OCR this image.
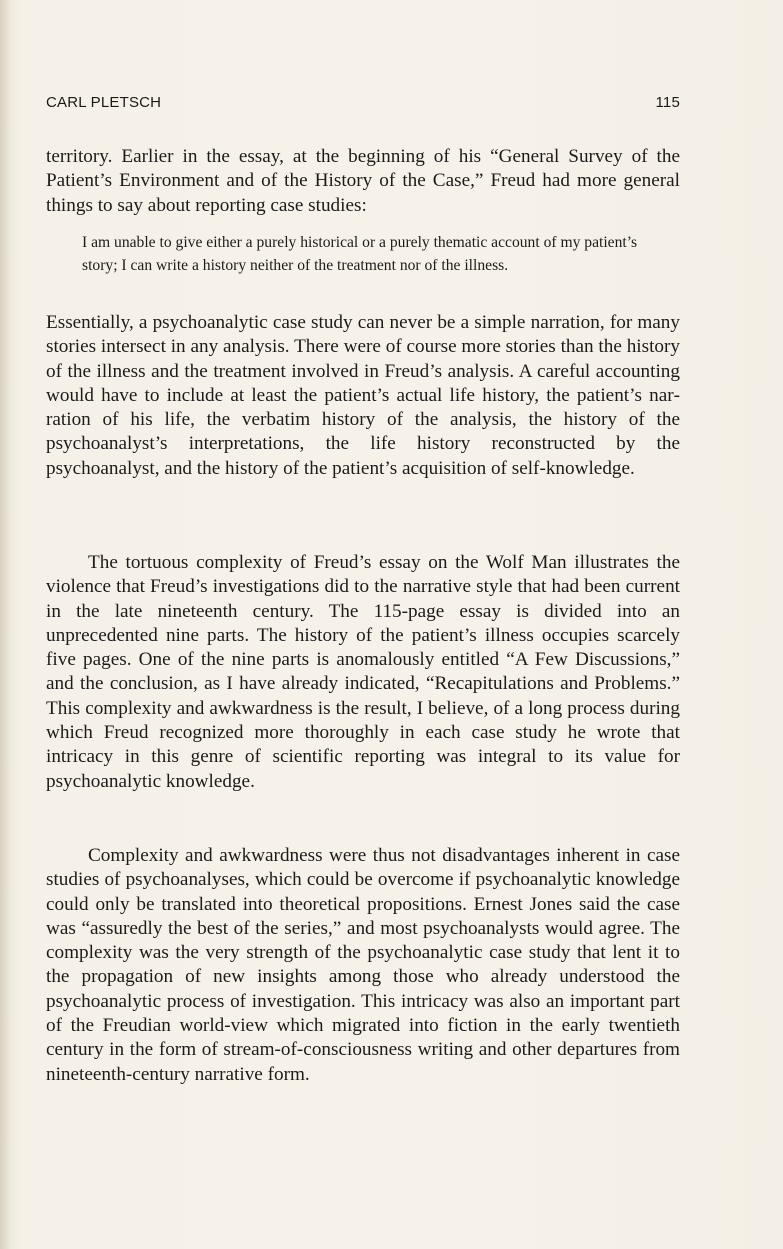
CARL PLETSCH	115

territory. Earlier in the essay, at the beginning of his “General Survey of the Patient’s Environment and of the History of the Case,” Freud had more general things to say about reporting case studies:

I am unable to give either a purely historical or a purely thematic account of my patient’s story; I can write a history neither of the treatment nor of the illness.

Essentially, a psychoanalytic case study can never be a simple narration, for many stories intersect in any analysis. There were of course more stories than the history of the illness and the treatment involved in Freud’s analysis. A careful accounting would have to include at least the patient’s actual life history, the patient’s narration of his life, the verbatim history of the analysis, the history of the psychoanalyst’s interpretations, the life history reconstructed by the psychoanalyst, and the history of the patient’s acquisition of self-knowledge.

The tortuous complexity of Freud’s essay on the Wolf Man illustrates the violence that Freud’s investigations did to the narrative style that had been current in the late nineteenth century. The 115-page essay is divided into an unprecedented nine parts. The history of the patient’s illness occupies scarcely five pages. One of the nine parts is anomalously entitled “A Few Discussions,” and the conclusion, as I have already indicated, “Recapitulations and Problems.” This complexity and awkwardness is the result, I believe, of a long process during which Freud recognized more thoroughly in each case study he wrote that intricacy in this genre of scientific reporting was integral to its value for psychoanalytic knowledge.

Complexity and awkwardness were thus not disadvantages inherent in case studies of psychoanalyses, which could be overcome if psychoanalytic knowledge could only be translated into theoretical propositions. Ernest Jones said the case was “assuredly the best of the series,” and most psychoanalysts would agree. The complexity was the very strength of the psychoanalytic case study that lent it to the propagation of new insights among those who already understood the psychoanalytic process of investigation. This intricacy was also an important part of the Freudian world-view which migrated into fiction in the early twentieth century in the form of stream-of-consciousness writing and other departures from nineteenth-century narrative form.
